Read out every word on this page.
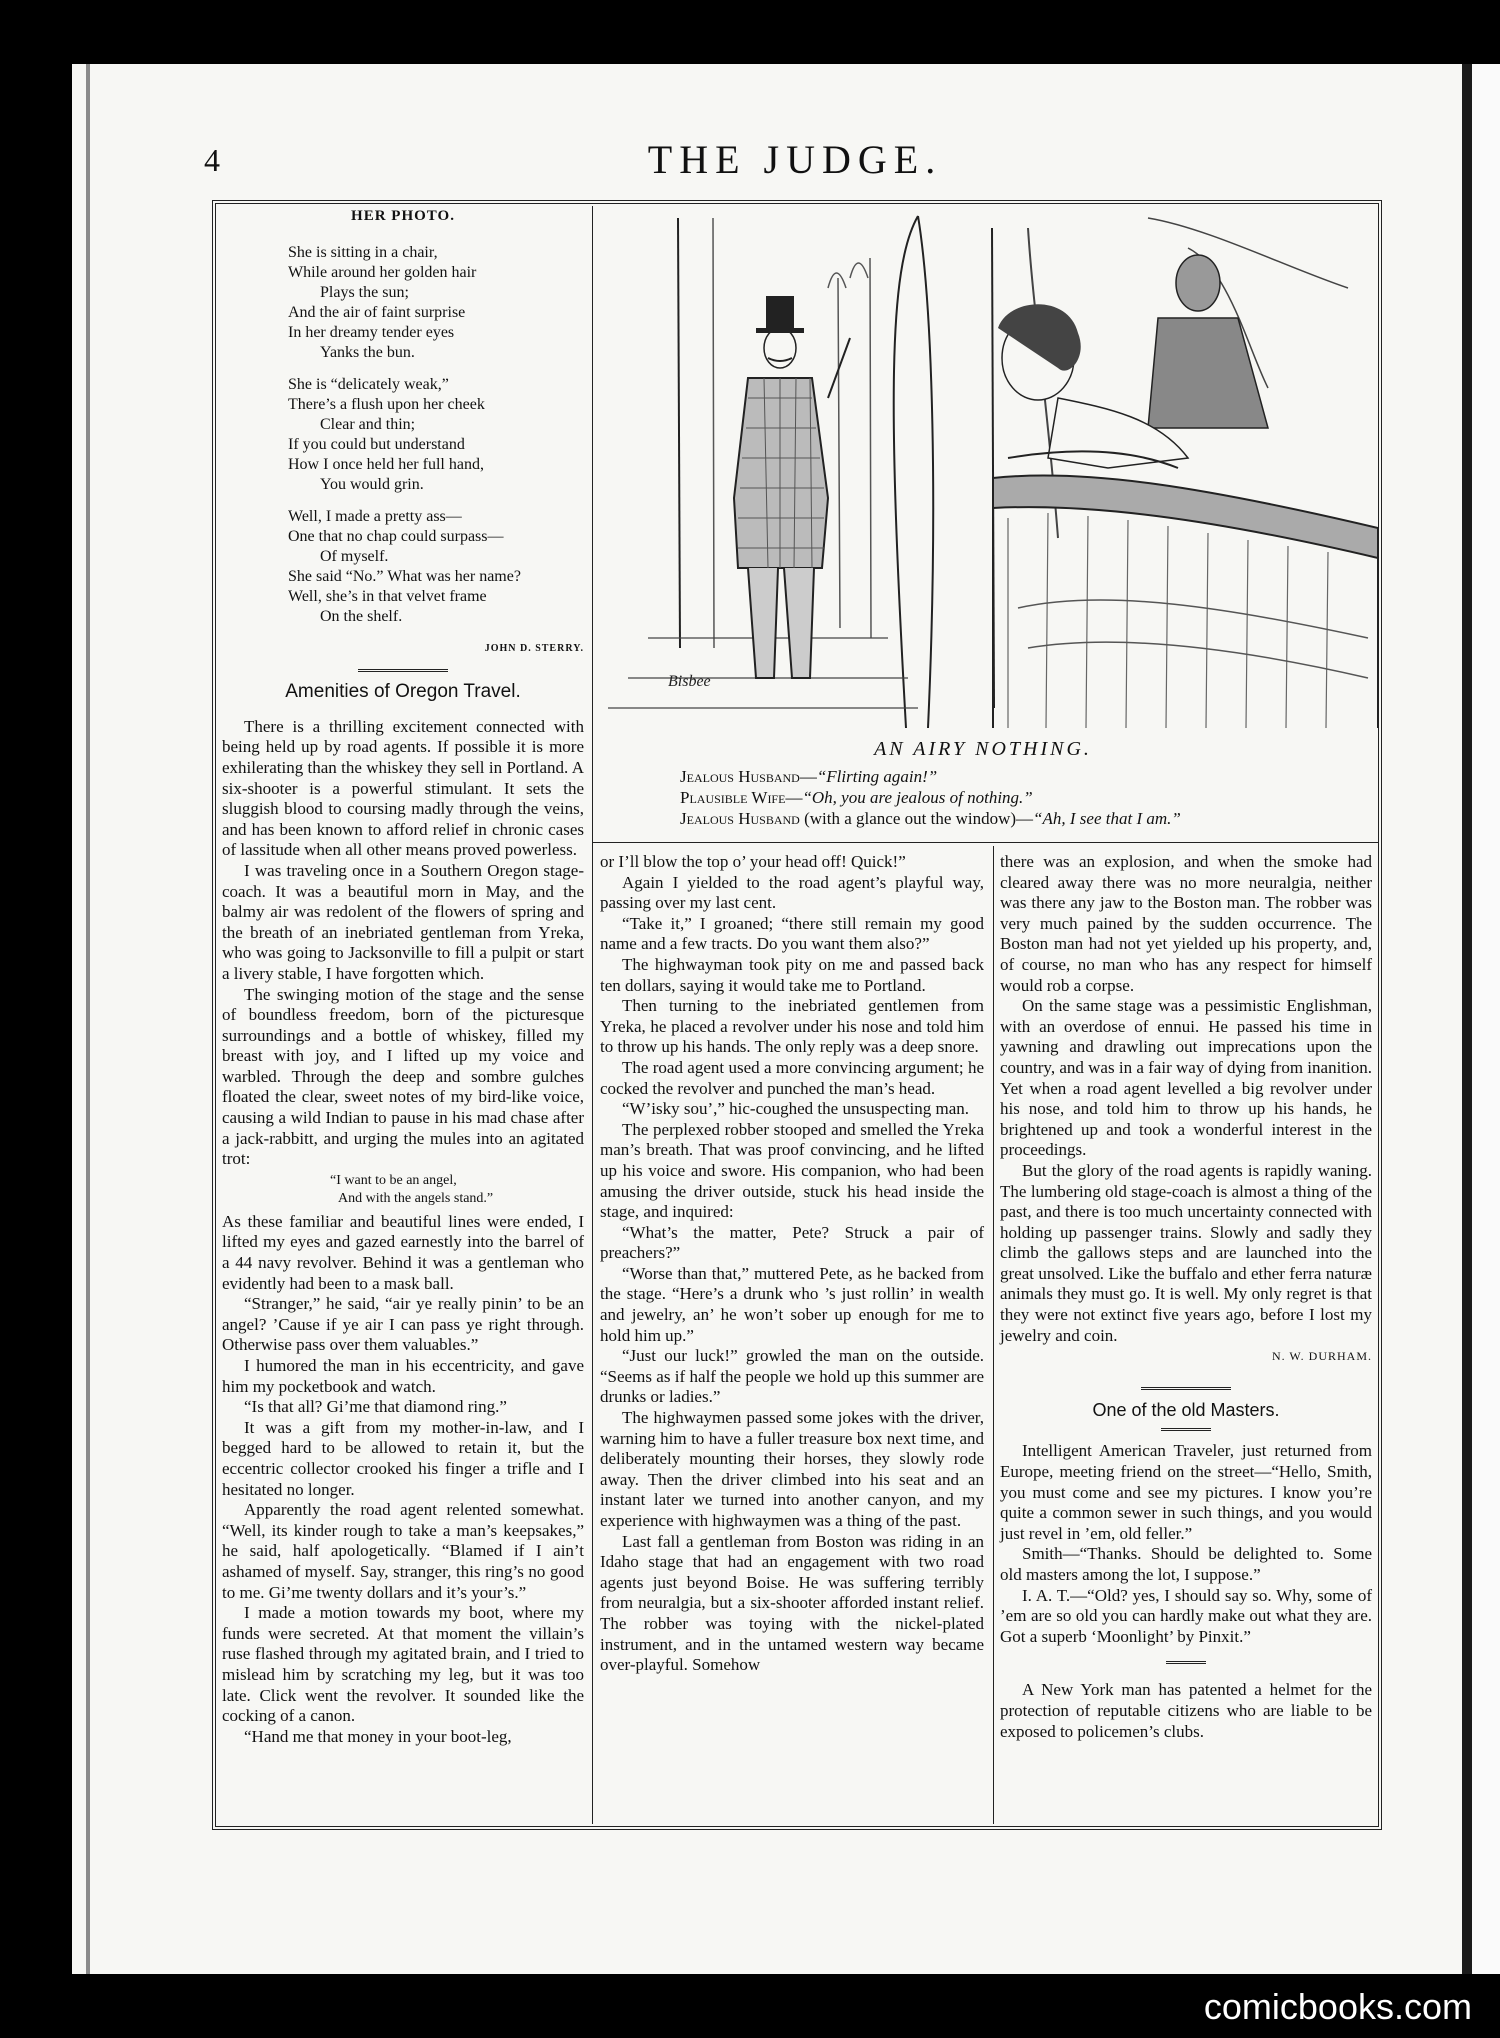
4	THE JUDGE.
HER PHOTO.
She is sitting in a chair,
While around her golden hair
Plays the sun;
And the air of faint surprise
In her dreamy tender eyes
Yanks the bun.
She is “delicately weak,”
There’s a flush upon her cheek
Clear and thin;
If you could but understand
How I once held her full hand,
You would grin.
Well, I made a pretty ass—
One that no chap could surpass—
Of myself.
She said “No.” What was her name?
Well, she’s in that velvet frame
On the shelf.
JOHN D. STERRY.
Amenities of Oregon Travel.

There is a thrilling excitement connected with being held up by road agents. If possible it is more exhilerating than the whiskey they sell in Portland. A six-shooter is a powerful stimulant. It sets the sluggish blood to coursing madly through the veins, and has been known to afford relief in chronic cases of lassitude when all other means proved powerless.

I was traveling once in a Southern Oregon stage-coach. It was a beautiful morn in May, and the balmy air was redolent of the flowers of spring and the breath of an inebriated gentleman from Yreka, who was going to Jacksonville to fill a pulpit or start a livery stable, I have forgotten which.

The swinging motion of the stage and the sense of boundless freedom, born of the picturesque surroundings and a bottle of whiskey, filled my breast with joy, and I lifted up my voice and warbled. Through the deep and sombre gulches floated the clear, sweet notes of my bird-like voice, causing a wild Indian to pause in his mad chase after a jack-rabbitt, and urging the mules into an agitated trot:

“I want to be an angel,
And with the angels stand.”

As these familiar and beautiful lines were ended, I lifted my eyes and gazed earnestly into the barrel of a 44 navy revolver. Behind it was a gentleman who evidently had been to a mask ball.

“Stranger,” he said, “air ye really pinin’ to be an angel? ’Cause if ye air I can pass ye right through. Otherwise pass over them valuables.”

I humored the man in his eccentricity, and gave him my pocketbook and watch.

“Is that all? Gi’me that diamond ring.”

It was a gift from my mother-in-law, and I begged hard to be allowed to retain it, but the eccentric collector crooked his finger a trifle and I hesitated no longer.

Apparently the road agent relented somewhat. “Well, its kinder rough to take a man’s keepsakes,” he said, half apologetically. “Blamed if I ain’t ashamed of myself. Say, stranger, this ring’s no good to me. Gi’me twenty dollars and it’s your’s.”

I made a motion towards my boot, where my funds were secreted. At that moment the villain’s ruse flashed through my agitated brain, and I tried to mislead him by scratching my leg, but it was too late. Click went the revolver. It sounded like the cocking of a canon.

“Hand me that money in your boot-leg,

Bisbee
AN AIRY NOTHING.
Jealous Husband—“Flirting again!”
Plausible Wife—“Oh, you are jealous of nothing.”
Jealous Husband (with a glance out the window)—“Ah, I see that I am.”

or I’ll blow the top o’ your head off! Quick!”

Again I yielded to the road agent’s playful way, passing over my last cent.

“Take it,” I groaned; “there still remain my good name and a few tracts. Do you want them also?”

The highwayman took pity on me and passed back ten dollars, saying it would take me to Portland.

Then turning to the inebriated gentlemen from Yreka, he placed a revolver under his nose and told him to throw up his hands. The only reply was a deep snore.

The road agent used a more convincing argument; he cocked the revolver and punched the man’s head.

“W’isky sou’,” hic-coughed the unsuspecting man.

The perplexed robber stooped and smelled the Yreka man’s breath. That was proof convincing, and he lifted up his voice and swore. His companion, who had been amusing the driver outside, stuck his head inside the stage, and inquired:

“What’s the matter, Pete? Struck a pair of preachers?”

“Worse than that,” muttered Pete, as he backed from the stage. “Here’s a drunk who ’s just rollin’ in wealth and jewelry, an’ he won’t sober up enough for me to hold him up.”

“Just our luck!” growled the man on the outside. “Seems as if half the people we hold up this summer are drunks or ladies.”

The highwaymen passed some jokes with the driver, warning him to have a fuller treasure box next time, and deliberately mounting their horses, they slowly rode away. Then the driver climbed into his seat and an instant later we turned into another canyon, and my experience with highwaymen was a thing of the past.

Last fall a gentleman from Boston was riding in an Idaho stage that had an engagement with two road agents just beyond Boise. He was suffering terribly from neuralgia, but a six-shooter afforded instant relief. The robber was toying with the nickel-plated instrument, and in the untamed western way became over-playful. Somehow

there was an explosion, and when the smoke had cleared away there was no more neuralgia, neither was there any jaw to the Boston man. The robber was very much pained by the sudden occurrence. The Boston man had not yet yielded up his property, and, of course, no man who has any respect for himself would rob a corpse.

On the same stage was a pessimistic Englishman, with an overdose of ennui. He passed his time in yawning and drawling out imprecations upon the country, and was in a fair way of dying from inanition. Yet when a road agent levelled a big revolver under his nose, and told him to throw up his hands, he brightened up and took a wonderful interest in the proceedings.

But the glory of the road agents is rapidly waning. The lumbering old stage-coach is almost a thing of the past, and there is too much uncertainty connected with holding up passenger trains. Slowly and sadly they climb the gallows steps and are launched into the great unsolved. Like the buffalo and ether ferra naturæ animals they must go. It is well. My only regret is that they were not extinct five years ago, before I lost my jewelry and coin.

N. W. DURHAM.
One of the old Masters.

Intelligent American Traveler, just returned from Europe, meeting friend on the street—“Hello, Smith, you must come and see my pictures. I know you’re quite a common sewer in such things, and you would just revel in ’em, old feller.”

Smith—“Thanks. Should be delighted to. Some old masters among the lot, I suppose.”

I. A. T.—“Old? yes, I should say so. Why, some of ’em are so old you can hardly make out what they are. Got a superb ‘Moonlight’ by Pinxit.”

A New York man has patented a helmet for the protection of reputable citizens who are liable to be exposed to policemen’s clubs.

comicbooks.com
